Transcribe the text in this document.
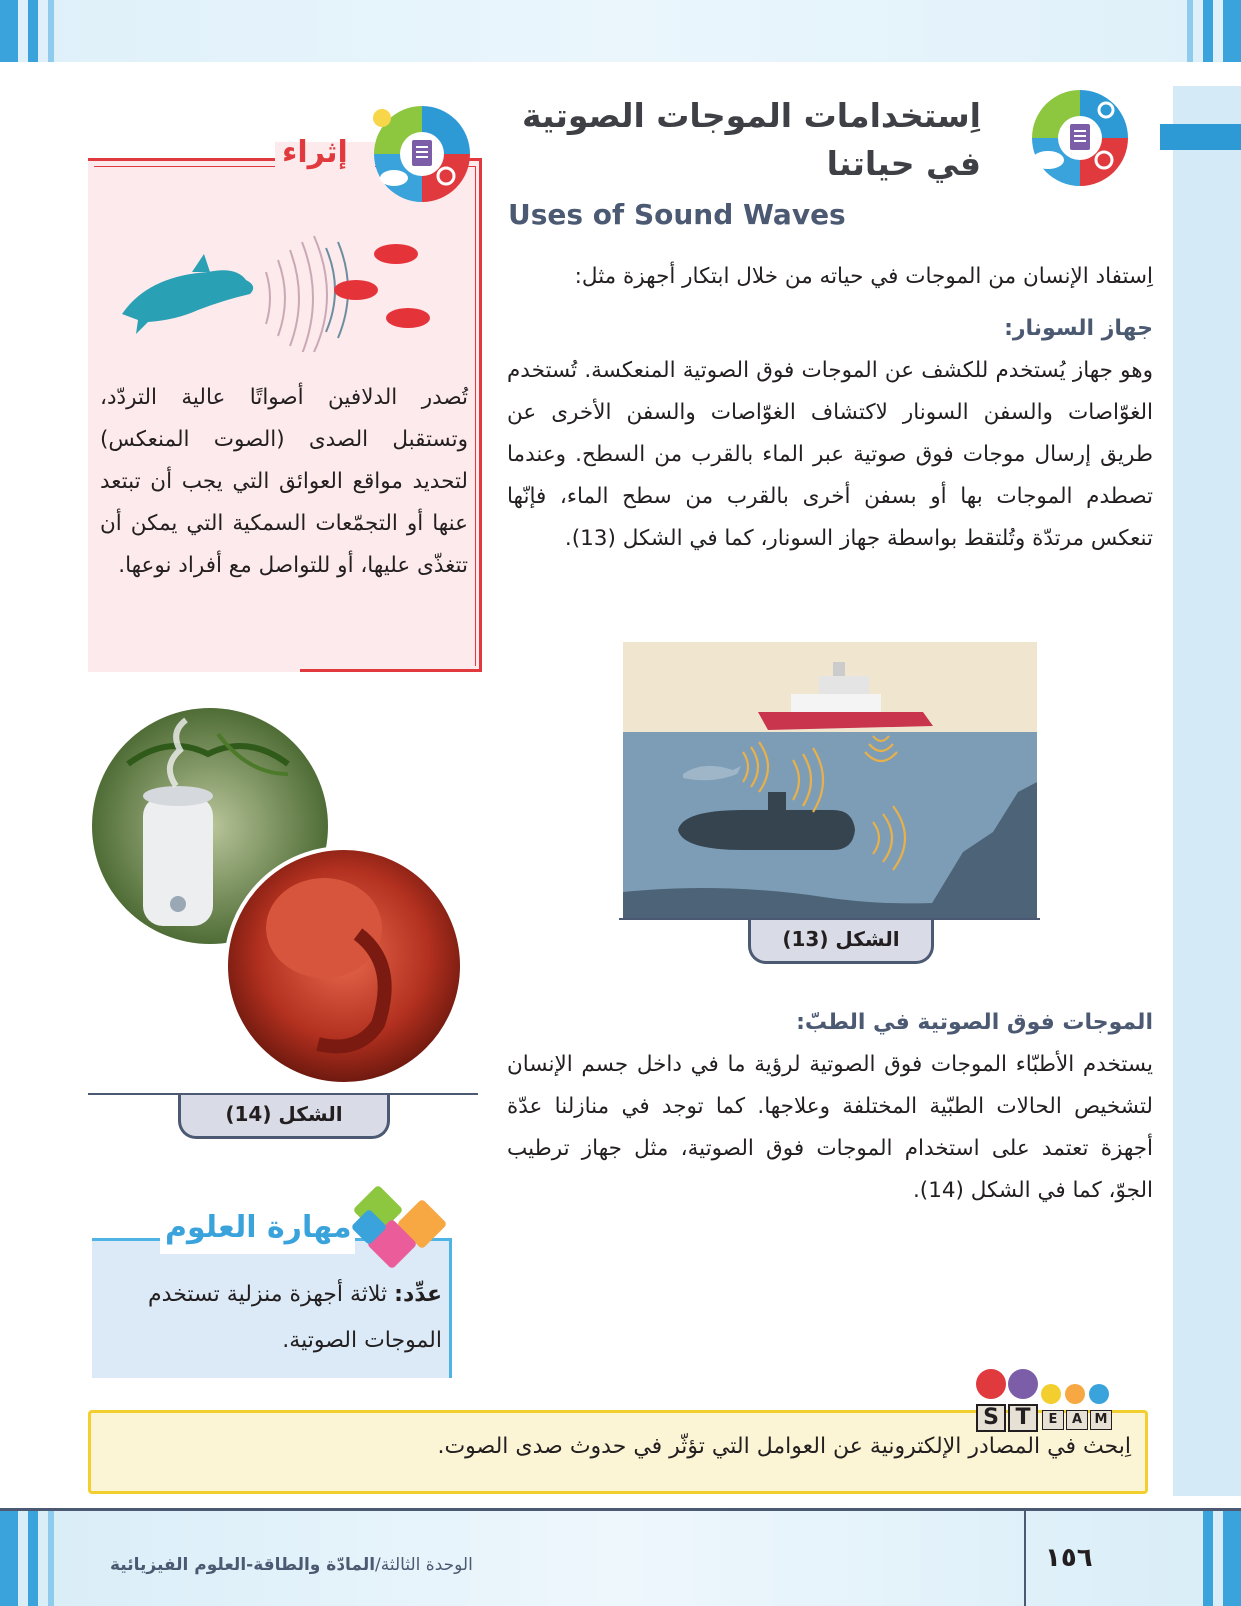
اِستخدامات الموجات الصوتية في حياتنا
Uses of Sound Waves
اِستفاد الإنسان من الموجات في حياته من خلال ابتكار أجهزة مثل:
جهاز السونار:
وهو جهاز يُستخدم للكشف عن الموجات فوق الصوتية المنعكسة. تُستخدم الغوّاصات والسفن السونار لاكتشاف الغوّاصات والسفن الأخرى عن طريق إرسال موجات فوق صوتية عبر الماء بالقرب من السطح. وعندما تصطدم الموجات بها أو بسفن أخرى بالقرب من سطح الماء، فإنّها تنعكس مرتدّة وتُلتقط بواسطة جهاز السونار، كما في الشكل (13).
الشكل (13)
الموجات فوق الصوتية في الطبّ:
يستخدم الأطبّاء الموجات فوق الصوتية لرؤية ما في داخل جسم الإنسان لتشخيص الحالات الطبّية المختلفة وعلاجها. كما توجد في منازلنا عدّة أجهزة تعتمد على استخدام الموجات فوق الصوتية، مثل جهاز ترطيب الجوّ، كما في الشكل (14).
إثراء
تُصدر الدلافين أصواتًا عالية التردّد، وتستقبل الصدى (الصوت المنعكس) لتحديد مواقع العوائق التي يجب أن تبتعد عنها أو التجمّعات السمكية التي يمكن أن تتغذّى عليها، أو للتواصل مع أفراد نوعها.
الشكل (14)
مهارة العلوم
عدِّد: ثلاثة أجهزة منزلية تستخدم الموجات الصوتية.
S T	E	A M
اِبحث في المصادر الإلكترونية عن العوامل التي تؤثّر في حدوث صدى الصوت.
الوحدة الثالثة/المادّة والطاقة-العلوم الفيزيائية	١٥٦
